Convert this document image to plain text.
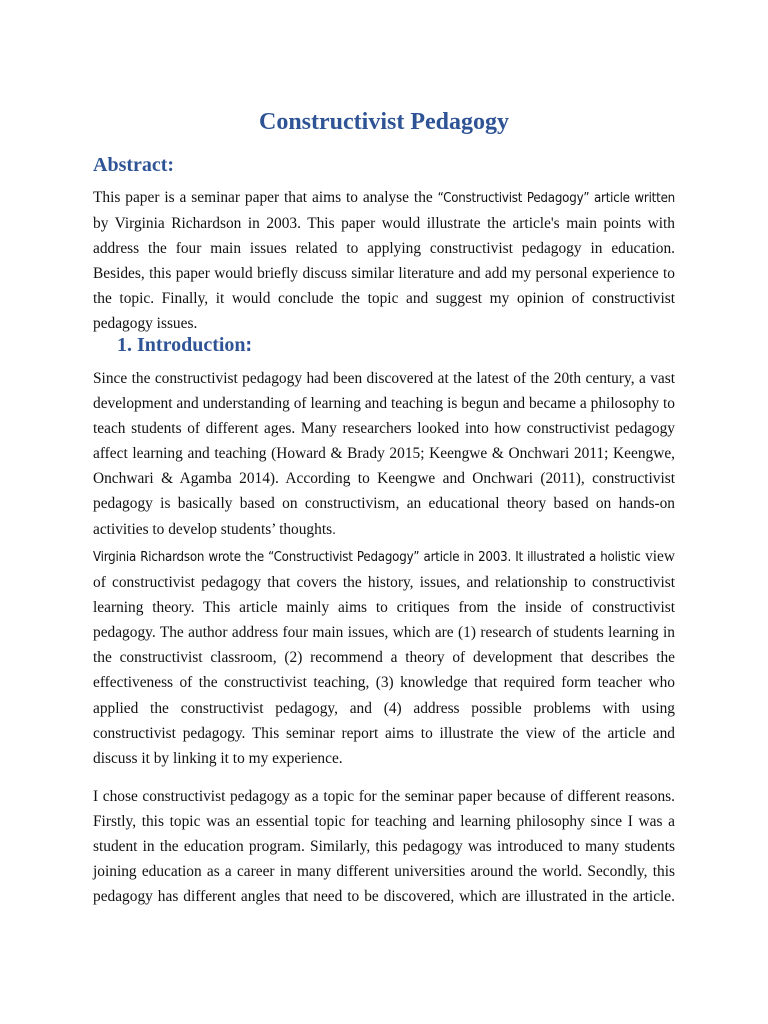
Constructivist Pedagogy
Abstract:

This paper is a seminar paper that aims to analyse the “Constructivist Pedagogy” article written by Virginia Richardson in 2003. This paper would illustrate the article's main points with address the four main issues related to applying constructivist pedagogy in education. Besides, this paper would briefly discuss similar literature and add my personal experience to the topic. Finally, it would conclude the topic and suggest my opinion of constructivist pedagogy issues.

1. Introduction:

Since the constructivist pedagogy had been discovered at the latest of the 20th century, a vast development and understanding of learning and teaching is begun and became a philosophy to teach students of different ages. Many researchers looked into how constructivist pedagogy affect learning and teaching (Howard & Brady 2015; Keengwe & Onchwari 2011; Keengwe, Onchwari & Agamba 2014). According to Keengwe and Onchwari (2011), constructivist pedagogy is basically based on constructivism, an educational theory based on hands-on activities to develop students’ thoughts.

Virginia Richardson wrote the “Constructivist Pedagogy” article in 2003. It illustrated a holistic view of constructivist pedagogy that covers the history, issues, and relationship to constructivist learning theory. This article mainly aims to critiques from the inside of constructivist pedagogy. The author address four main issues, which are (1) research of students learning in the constructivist classroom, (2) recommend a theory of development that describes the effectiveness of the constructivist teaching, (3) knowledge that required form teacher who applied the constructivist pedagogy, and (4) address possible problems with using constructivist pedagogy. This seminar report aims to illustrate the view of the article and discuss it by linking it to my experience.

I chose constructivist pedagogy as a topic for the seminar paper because of different reasons. Firstly, this topic was an essential topic for teaching and learning philosophy since I was a student in the education program. Similarly, this pedagogy was introduced to many students joining education as a career in many different universities around the world. Secondly, this pedagogy has different angles that need to be discovered, which are illustrated in the article.
